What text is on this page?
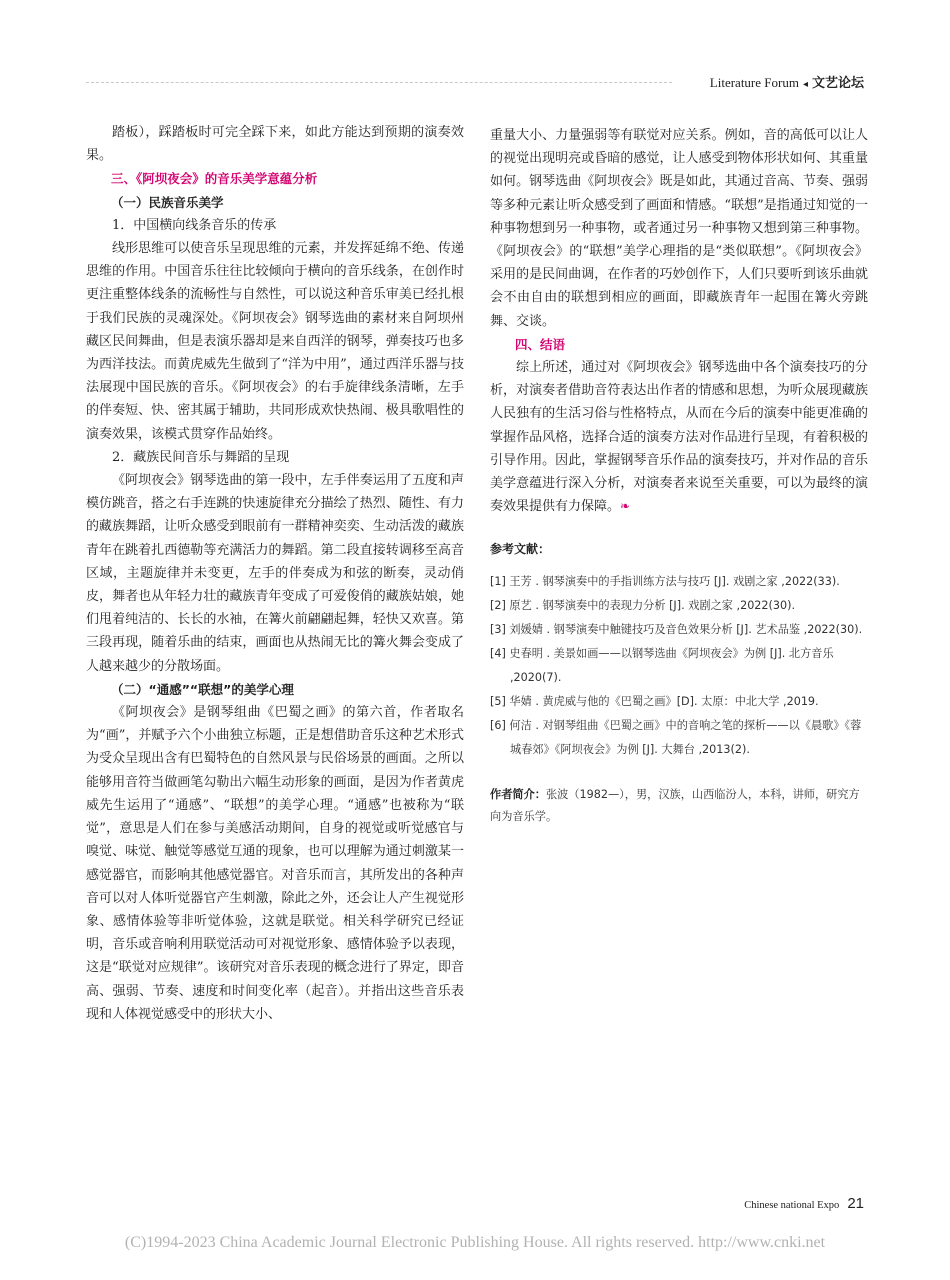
Literature Forum ◂ 文艺论坛

踏板），踩踏板时可完全踩下来，如此方能达到预期的演奏效果。

三、《阿坝夜会》的音乐美学意蕴分析

（一）民族音乐美学

1．中国横向线条音乐的传承

线形思维可以使音乐呈现思维的元素，并发挥延绵不绝、传递思维的作用。中国音乐往往比较倾向于横向的音乐线条，在创作时更注重整体线条的流畅性与自然性，可以说这种音乐审美已经扎根于我们民族的灵魂深处。《阿坝夜会》钢琴选曲的素材来自阿坝州藏区民间舞曲，但是表演乐器却是来自西洋的钢琴，弹奏技巧也多为西洋技法。而黄虎威先生做到了“洋为中用”，通过西洋乐器与技法展现中国民族的音乐。《阿坝夜会》的右手旋律线条清晰，左手的伴奏短、快、密其属于辅助，共同形成欢快热闹、极具歌唱性的演奏效果，该模式贯穿作品始终。

2．藏族民间音乐与舞蹈的呈现

《阿坝夜会》钢琴选曲的第一段中，左手伴奏运用了五度和声模仿跳音，搭之右手连跳的快速旋律充分描绘了热烈、随性、有力的藏族舞蹈，让听众感受到眼前有一群精神奕奕、生动活泼的藏族青年在跳着扎西德勒等充满活力的舞蹈。第二段直接转调移至高音区域，主题旋律并未变更，左手的伴奏成为和弦的断奏，灵动俏皮，舞者也从年轻力壮的藏族青年变成了可爱俊俏的藏族姑娘，她们甩着纯洁的、长长的水袖，在篝火前翩翩起舞，轻快又欢喜。第三段再现，随着乐曲的结束，画面也从热闹无比的篝火舞会变成了人越来越少的分散场面。

（二）“通感”“联想”的美学心理

《阿坝夜会》是钢琴组曲《巴蜀之画》的第六首，作者取名为“画”，并赋予六个小曲独立标题，正是想借助音乐这种艺术形式为受众呈现出含有巴蜀特色的自然风景与民俗场景的画面。之所以能够用音符当做画笔勾勒出六幅生动形象的画面，是因为作者黄虎威先生运用了“通感”、“联想”的美学心理。“通感”也被称为“联觉”，意思是人们在参与美感活动期间，自身的视觉或听觉感官与嗅觉、味觉、触觉等感觉互通的现象，也可以理解为通过刺激某一感觉器官，而影响其他感觉器官。对音乐而言，其所发出的各种声音可以对人体听觉器官产生刺激，除此之外，还会让人产生视觉形象、感情体验等非听觉体验，这就是联觉。相关科学研究已经证明，音乐或音响利用联觉活动可对视觉形象、感情体验予以表现，这是“联觉对应规律”。该研究对音乐表现的概念进行了界定，即音高、强弱、节奏、速度和时间变化率（起音）。并指出这些音乐表现和人体视觉感受中的形状大小、

重量大小、力量强弱等有联觉对应关系。例如，音的高低可以让人的视觉出现明亮或昏暗的感觉，让人感受到物体形状如何、其重量如何。钢琴选曲《阿坝夜会》既是如此，其通过音高、节奏、强弱等多种元素让听众感受到了画面和情感。“联想”是指通过知觉的一种事物想到另一种事物，或者通过另一种事物又想到第三种事物。《阿坝夜会》的“联想”美学心理指的是“类似联想”。《阿坝夜会》采用的是民间曲调，在作者的巧妙创作下，人们只要听到该乐曲就会不由自由的联想到相应的画面，即藏族青年一起围在篝火旁跳舞、交谈。

四、结语

综上所述，通过对《阿坝夜会》钢琴选曲中各个演奏技巧的分析，对演奏者借助音符表达出作者的情感和思想，为听众展现藏族人民独有的生活习俗与性格特点，从而在今后的演奏中能更准确的掌握作品风格，选择合适的演奏方法对作品进行呈现，有着积极的引导作用。因此，掌握钢琴音乐作品的演奏技巧，并对作品的音乐美学意蕴进行深入分析，对演奏者来说至关重要，可以为最终的演奏效果提供有力保障。❧

参考文献：

[1] 王芳 . 钢琴演奏中的手指训练方法与技巧 [J]. 戏剧之家 ,2022(33).

[2] 原艺 . 钢琴演奏中的表现力分析 [J]. 戏剧之家 ,2022(30).

[3] 刘媛婧 . 钢琴演奏中触键技巧及音色效果分析 [J]. 艺术品鉴 ,2022(30).

[4] 史春明 . 美景如画——以钢琴选曲《阿坝夜会》为例 [J]. 北方音乐 ,2020(7).

[5] 华婧 . 黄虎威与他的《巴蜀之画》[D]. 太原：中北大学 ,2019.

[6] 何洁 . 对钢琴组曲《巴蜀之画》中的音响之笔的探析——以《晨歌》《蓉城春郊》《阿坝夜会》为例 [J]. 大舞台 ,2013(2).

作者简介：张波（1982—），男，汉族，山西临汾人，本科，讲师，研究方向为音乐学。

Chinese national Expo 21
(C)1994-2023 China Academic Journal Electronic Publishing House. All rights reserved. http://www.cnki.net
